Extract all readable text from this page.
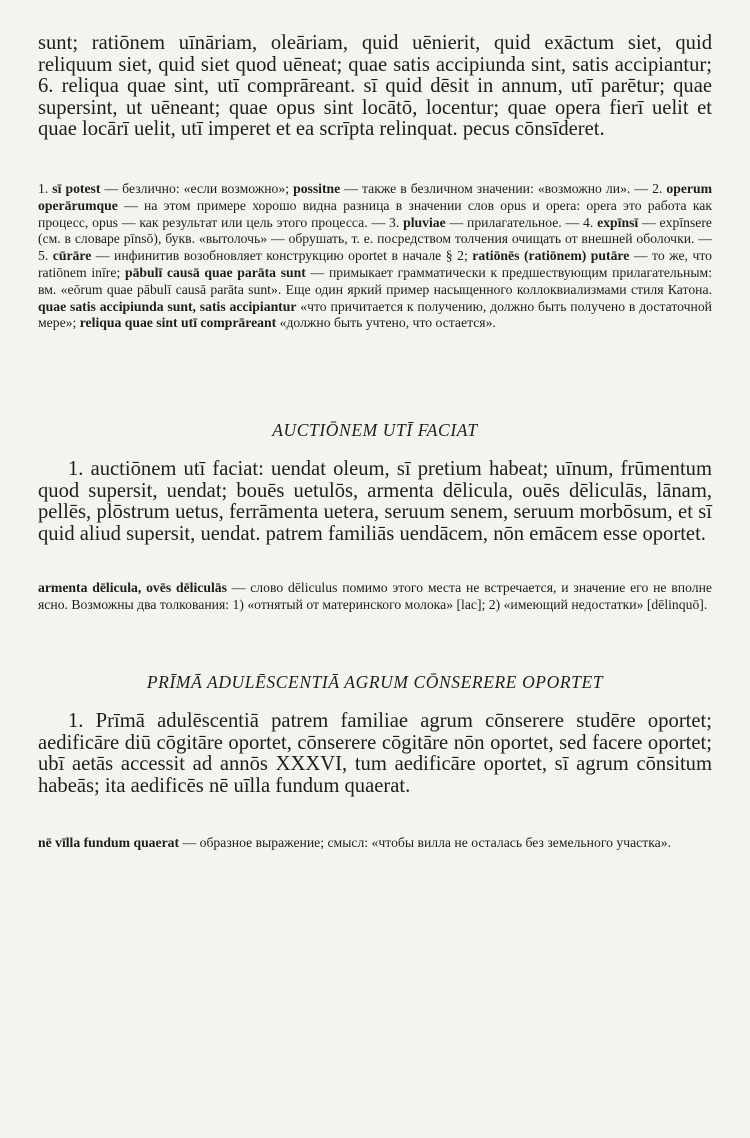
sunt; ratiōnem uīnāriam, oleāriam, quid uēnierit, quid exāctum siet, quid reliquum siet, quid siet quod uēneat; quae satis accipiunda sint, satis accipiantur; 6. reliqua quae sint, utī comprāreant. sī quid dēsit in annum, utī parētur; quae supersint, ut uēneant; quae opus sint locātō, locentur; quae opera fierī uelit et quae locārī uelit, utī imperet et ea scrīpta relinquat. pecus cōnsīderet.

1. sī potest — безлично: «если возможно»; possitne — также в безличном значении: «возможно ли». — 2. operum operārumque — на этом примере хорошо видна разница в значении слов opus и opera: opera это работа как процесс, opus — как результат или цель этого процесса. — 3. pluviae — прилагательное. — 4. expīnsī — expīnsere (см. в словаре pīnsō), букв. «вытолочь» — обрушать, т. е. посредством толчения очищать от внешней оболочки. — 5. cūrāre — инфинитив возобновляет конструкцию oportet в начале § 2; ratiōnēs (ratiōnem) putāre — то же, что ratiōnem inīre; pābulī causā quae parāta sunt — примыкает грамматически к предшествующим прилагательным: вм. «eōrum quae pābulī causā parāta sunt». Еще один яркий пример насыщенного коллоквиализмами стиля Катона. quae satis accipiunda sunt, satis accipiantur «что причитается к получению, должно быть получено в достаточной мере»; reliqua quae sint utī comprāreant «должно быть учтено, что остается».

AUCTIŌNEM UTĪ FACIAT

1. auctiōnem utī faciat: uendat oleum, sī pretium habeat; uīnum, frūmentum quod supersit, uendat; bouēs uetulōs, armenta dēlicula, ouēs dēliculās, lānam, pellēs, plōstrum uetus, ferrāmenta uetera, seruum senem, seruum morbōsum, et sī quid aliud supersit, uendat. patrem familiās uendācem, nōn emācem esse oportet.

armenta dēlicula, ovēs dēliculās — слово dēliculus помимо этого места не встречается, и значение его не вполне ясно. Возможны два толкования: 1) «отнятый от материнского молока» [lac]; 2) «имеющий недостатки» [dēlinquō].

PRĪMĀ ADULĒSCENTIĀ AGRUM CŌNSERERE OPORTET

1. Prīmā adulēscentiā patrem familiae agrum cōnserere studēre oportet; aedificāre diū cōgitāre oportet, cōnserere cōgitāre nōn oportet, sed facere oportet; ubī aetās accessit ad annōs XXXVI, tum aedificāre oportet, sī agrum cōnsitum habeās; ita aedificēs nē uīlla fundum quaerat.

nē vīlla fundum quaerat — образное выражение; смысл: «чтобы вилла не осталась без земельного участка».
